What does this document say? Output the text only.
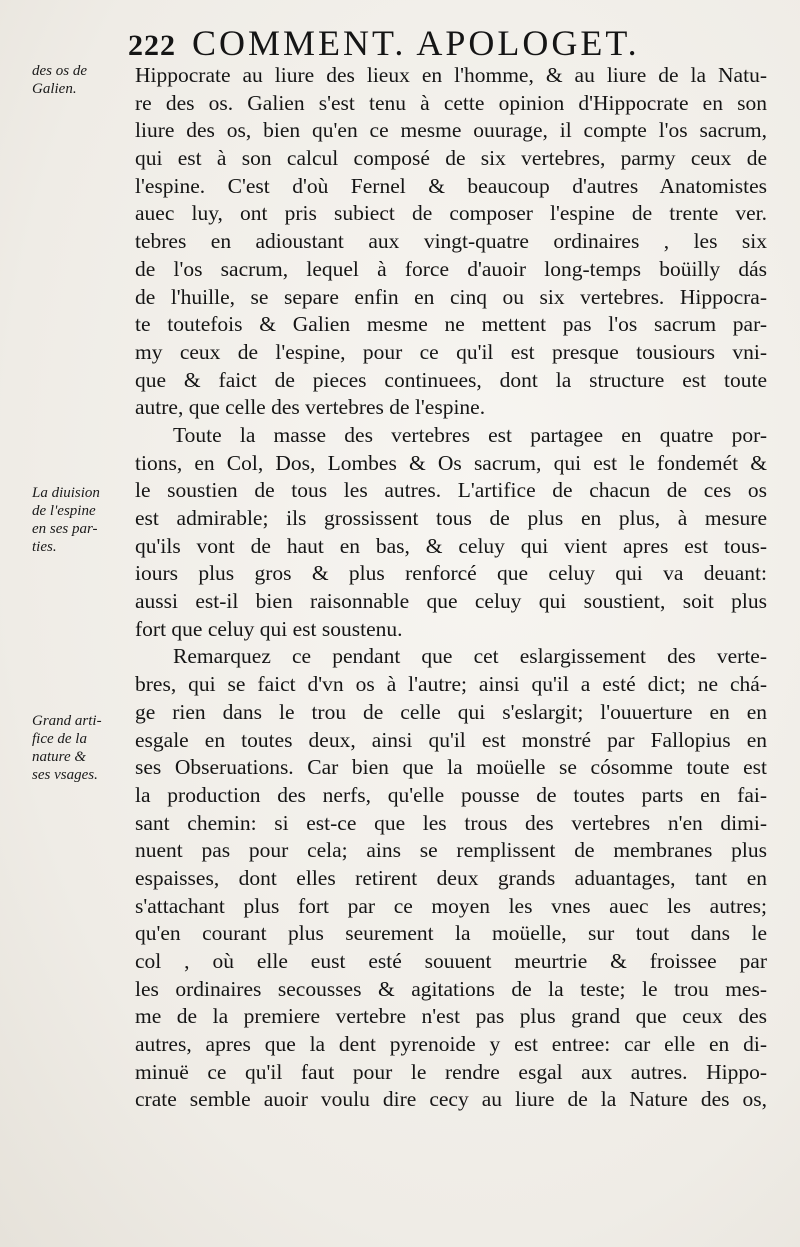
222 COMMENT. APOLOGET.
des os de
Galien.
La diuision
de l'espine
en ses par-
ties.
Grand arti-
fice de la
nature &
ses vsages.
Hippocrate au liure des lieux en l'homme, & au liure de la Natu-
re des os. Galien s'est tenu à cette opinion d'Hippocrate en son
liure des os, bien qu'en ce mesme ouurage, il compte l'os sacrum,
qui est à son calcul composé de six vertebres, parmy ceux de
l'espine. C'est d'où Fernel & beaucoup d'autres Anatomistes
auec luy, ont pris subiect de composer l'espine de trente ver.
tebres en adioustant aux vingt-quatre ordinaires , les six
de l'os sacrum, lequel à force d'auoir long-temps boüilly dás
de l'huille, se separe enfin en cinq ou six vertebres. Hippocra-
te toutefois & Galien mesme ne mettent pas l'os sacrum par-
my ceux de l'espine, pour ce qu'il est presque tousiours vni-
que & faict de pieces continuees, dont la structure est toute
autre, que celle des vertebres de l'espine.
Toute la masse des vertebres est partagee en quatre por-
tions, en Col, Dos, Lombes & Os sacrum, qui est le fondemét &
le soustien de tous les autres. L'artifice de chacun de ces os
est admirable; ils grossissent tous de plus en plus, à mesure
qu'ils vont de haut en bas, & celuy qui vient apres est tous-
iours plus gros & plus renforcé que celuy qui va deuant:
aussi est-il bien raisonnable que celuy qui soustient, soit plus
fort que celuy qui est soustenu.
Remarquez ce pendant que cet eslargissement des verte-
bres, qui se faict d'vn os à l'autre; ainsi qu'il a esté dict; ne chá-
ge rien dans le trou de celle qui s'eslargit; l'ouuerture en en
esgale en toutes deux, ainsi qu'il est monstré par Fallopius en
ses Obseruations. Car bien que la moüelle se cósomme toute est
la production des nerfs, qu'elle pousse de toutes parts en fai-
sant chemin: si est-ce que les trous des vertebres n'en dimi-
nuent pas pour cela; ains se remplissent de membranes plus
espaisses, dont elles retirent deux grands aduantages, tant en
s'attachant plus fort par ce moyen les vnes auec les autres;
qu'en courant plus seurement la moüelle, sur tout dans le
col , où elle eust esté souuent meurtrie & froissee par
les ordinaires secousses & agitations de la teste; le trou mes-
me de la premiere vertebre n'est pas plus grand que ceux des
autres, apres que la dent pyrenoide y est entree: car elle en di-
minuë ce qu'il faut pour le rendre esgal aux autres. Hippo-
crate semble auoir voulu dire cecy au liure de la Nature des os,
